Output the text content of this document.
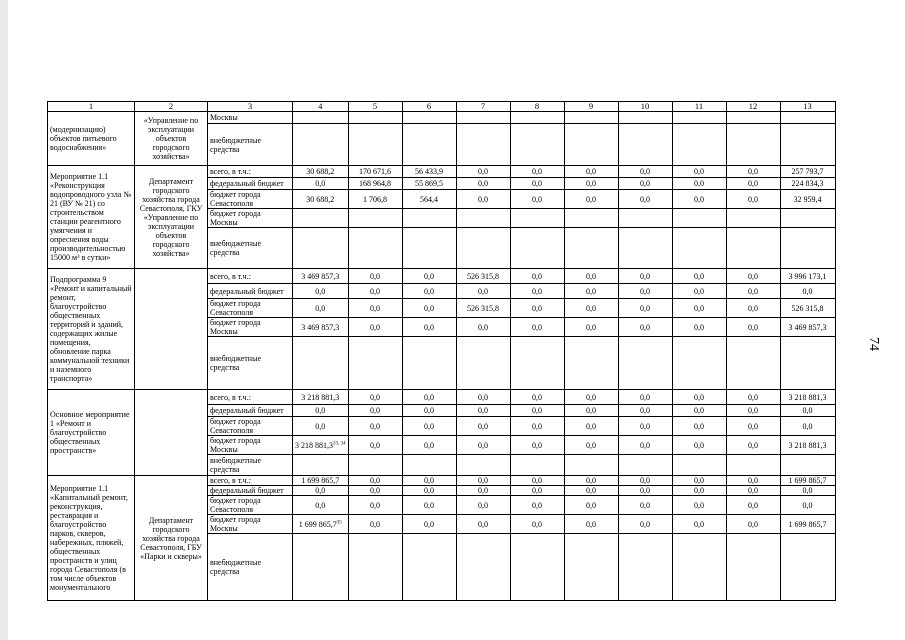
74
1	2	3	4	5	6	7	8	9	10	11	12	13
(модернизацию) объектов питьевого водоснабжения»	«Управление по эксплуатации объектов городского хозяйства»	Москвы										
		внебюджетные средства										
Мероприятие 1.1 «Реконструкция водопроводного узла № 21 (ВУ № 21) со строительством станции реагентного умягчения и опреснения воды производительностью 15000 м³ в сутки»	Департамент городского хозяйства города Севастополя, ГКУ «Управление по эксплуатации объектов городского хозяйства»	всего, в т.ч.:	30 688,2	170 671,6	56 433,9	0,0	0,0	0,0	0,0	0,0	0,0	257 793,7
		федеральный бюджет	0,0	168 964,8	55 869,5	0,0	0,0	0,0	0,0	0,0	0,0	224 834,3
		бюджет города Севастополя	30 688,2	1 706,8	564,4	0,0	0,0	0,0	0,0	0,0	0,0	32 959,4
		бюджет города Москвы										
		внебюджетные средства										
Подпрограмма 9 «Ремонт и капитальный ремонт, благоустройство общественных территорий и зданий, содержащих жилые помещения, обновление парка коммунальной техники и наземного транспорта»		всего, в т.ч.:	3 469 857,3	0,0	0,0	526 315,8	0,0	0,0	0,0	0,0	0,0	3 996 173,1
		федеральный бюджет	0,0	0,0	0,0	0,0	0,0	0,0	0,0	0,0	0,0	0,0
		бюджет города Севастополя	0,0	0,0	0,0	526 315,8	0,0	0,0	0,0	0,0	0,0	526 315,8
		бюджет города Москвы	3 469 857,3	0,0	0,0	0,0	0,0	0,0	0,0	0,0	0,0	3 469 857,3
		внебюджетные средства										
Основное мероприятие 1 «Ремонт и благоустройство общественных пространств»		всего, в т.ч.:	3 218 881,3	0,0	0,0	0,0	0,0	0,0	0,0	0,0	0,0	3 218 881,3
		федеральный бюджет	0,0	0,0	0,0	0,0	0,0	0,0	0,0	0,0	0,0	0,0
		бюджет города Севастополя	0,0	0,0	0,0	0,0	0,0	0,0	0,0	0,0	0,0	0,0
		бюджет города Москвы	3 218 881,3$^{33, 34}$	0,0	0,0	0,0	0,0	0,0	0,0	0,0	0,0	3 218 881,3
		внебюджетные средства										
Мероприятие 1.1 «Капитальный ремонт, реконструкция, реставрация и благоустройство парков, скверов, набережных, пляжей, общественных пространств и улиц города Севастополя (в том числе объектов монументального	Департамент городского хозяйства города Севастополя, ГБУ «Парки и скверы»	всего, в т.ч.:	1 699 865,7	0,0	0,0	0,0	0,0	0,0	0,0	0,0	0,0	1 699 865,7
		федеральный бюджет	0,0	0,0	0,0	0,0	0,0	0,0	0,0	0,0	0,0	0,0
		бюджет города Севастополя	0,0	0,0	0,0	0,0	0,0	0,0	0,0	0,0	0,0	0,0
		бюджет города Москвы	1 699 865,7$^{35}$	0,0	0,0	0,0	0,0	0,0	0,0	0,0	0,0	1 699 865,7
		внебюджетные средства										
